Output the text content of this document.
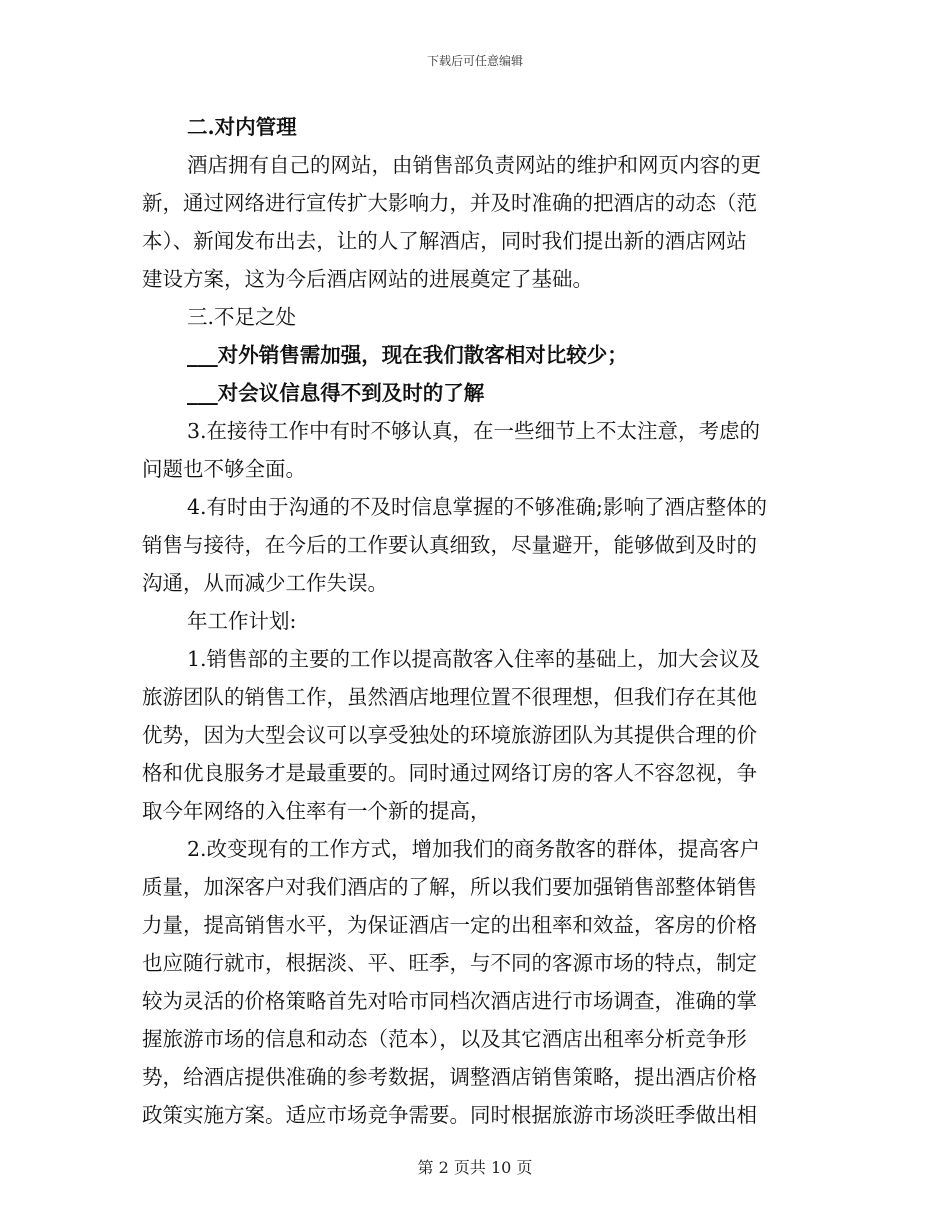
下载后可任意编辑
二.对内管理
酒店拥有自己的网站，由销售部负责网站的维护和网页内容的更
新，通过网络进行宣传扩大影响力，并及时准确的把酒店的动态（范
本）、新闻发布出去，让的人了解酒店，同时我们提出新的酒店网站
建设方案，这为今后酒店网站的进展奠定了基础。
三.不足之处
___对外销售需加强，现在我们散客相对比较少；
___对会议信息得不到及时的了解
3.在接待工作中有时不够认真，在一些细节上不太注意，考虑的
问题也不够全面。
4.有时由于沟通的不及时信息掌握的不够准确;影响了酒店整体的
销售与接待，在今后的工作要认真细致，尽量避开，能够做到及时的
沟通，从而减少工作失误。
年工作计划:
1.销售部的主要的工作以提高散客入住率的基础上，加大会议及
旅游团队的销售工作，虽然酒店地理位置不很理想，但我们存在其他
优势，因为大型会议可以享受独处的环境旅游团队为其提供合理的价
格和优良服务才是最重要的。同时通过网络订房的客人不容忽视，争
取今年网络的入住率有一个新的提高，
2.改变现有的工作方式，增加我们的商务散客的群体，提高客户
质量，加深客户对我们酒店的了解，所以我们要加强销售部整体销售
力量，提高销售水平，为保证酒店一定的出租率和效益，客房的价格
也应随行就市，根据淡、平、旺季，与不同的客源市场的特点，制定
较为灵活的价格策略首先对哈市同档次酒店进行市场调查，准确的掌
握旅游市场的信息和动态（范本），以及其它酒店出租率分析竞争形
势，给酒店提供准确的参考数据，调整酒店销售策略，提出酒店价格
政策实施方案。适应市场竞争需要。同时根据旅游市场淡旺季做出相
第 2 页共 10 页
